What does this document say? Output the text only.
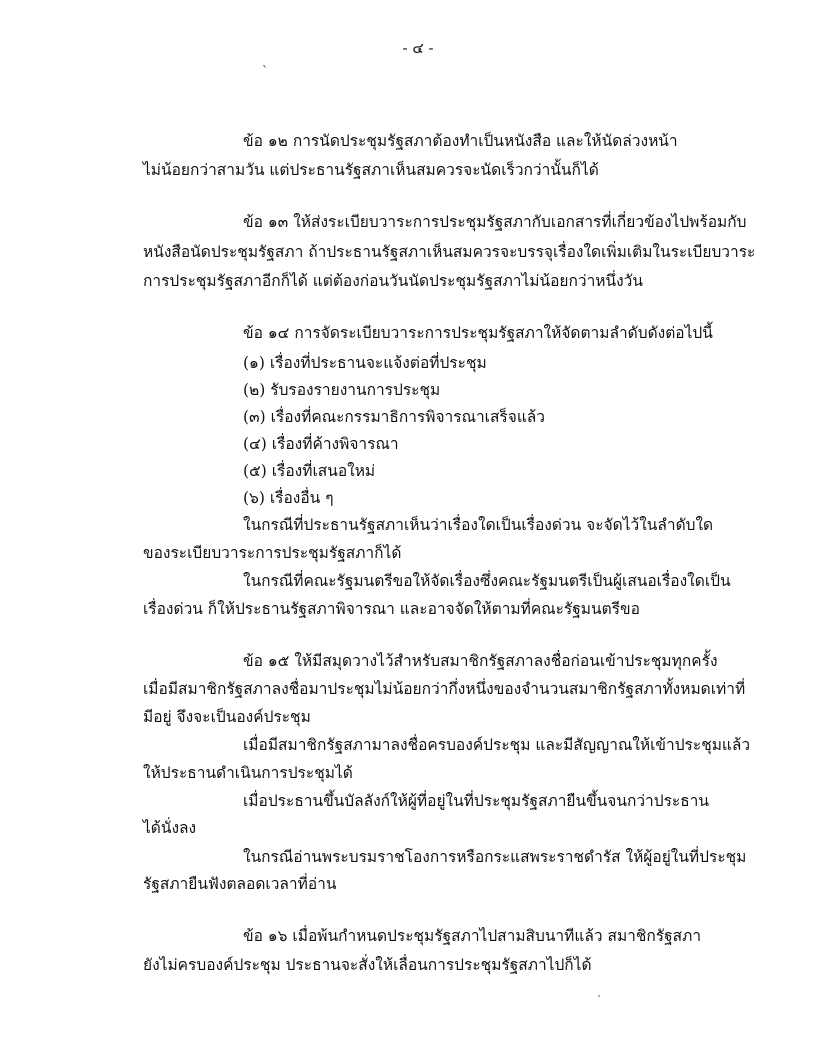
- ๔ -
`
ข้อ ๑๒ การนัดประชุมรัฐสภาต้องทำเป็นหนังสือ และให้นัดล่วงหน้า
ไม่น้อยกว่าสามวัน แต่ประธานรัฐสภาเห็นสมควรจะนัดเร็วกว่านั้นก็ได้
ข้อ ๑๓ ให้ส่งระเบียบวาระการประชุมรัฐสภากับเอกสารที่เกี่ยวข้องไปพร้อมกับ
หนังสือนัดประชุมรัฐสภา ถ้าประธานรัฐสภาเห็นสมควรจะบรรจุเรื่องใดเพิ่มเติมในระเบียบวาระ
การประชุมรัฐสภาอีกก็ได้ แต่ต้องก่อนวันนัดประชุมรัฐสภาไม่น้อยกว่าหนึ่งวัน
ข้อ ๑๔ การจัดระเบียบวาระการประชุมรัฐสภาให้จัดตามลำดับดังต่อไปนี้
(๑) เรื่องที่ประธานจะแจ้งต่อที่ประชุม
(๒) รับรองรายงานการประชุม
(๓) เรื่องที่คณะกรรมาธิการพิจารณาเสร็จแล้ว
(๔) เรื่องที่ค้างพิจารณา
(๕) เรื่องที่เสนอใหม่
(๖) เรื่องอื่น ๆ
ในกรณีที่ประธานรัฐสภาเห็นว่าเรื่องใดเป็นเรื่องด่วน จะจัดไว้ในลำดับใด
ของระเบียบวาระการประชุมรัฐสภาก็ได้
ในกรณีที่คณะรัฐมนตรีขอให้จัดเรื่องซึ่งคณะรัฐมนตรีเป็นผู้เสนอเรื่องใดเป็น
เรื่องด่วน ก็ให้ประธานรัฐสภาพิจารณา และอาจจัดให้ตามที่คณะรัฐมนตรีขอ
ข้อ ๑๕ ให้มีสมุดวางไว้สำหรับสมาชิกรัฐสภาลงชื่อก่อนเข้าประชุมทุกครั้ง
เมื่อมีสมาชิกรัฐสภาลงชื่อมาประชุมไม่น้อยกว่ากึ่งหนึ่งของจำนวนสมาชิกรัฐสภาทั้งหมดเท่าที่
มีอยู่ จึงจะเป็นองค์ประชุม
เมื่อมีสมาชิกรัฐสภามาลงชื่อครบองค์ประชุม และมีสัญญาณให้เข้าประชุมแล้ว
ให้ประธานดำเนินการประชุมได้
เมื่อประธานขึ้นบัลลังก์ให้ผู้ที่อยู่ในที่ประชุมรัฐสภายืนขึ้นจนกว่าประธาน
ได้นั่งลง
ในกรณีอ่านพระบรมราชโองการหรือกระแสพระราชดำรัส ให้ผู้อยู่ในที่ประชุม
รัฐสภายืนฟังตลอดเวลาที่อ่าน
ข้อ ๑๖ เมื่อพ้นกำหนดประชุมรัฐสภาไปสามสิบนาทีแล้ว สมาชิกรัฐสภา
ยังไม่ครบองค์ประชุม ประธานจะสั่งให้เลื่อนการประชุมรัฐสภาไปก็ได้
